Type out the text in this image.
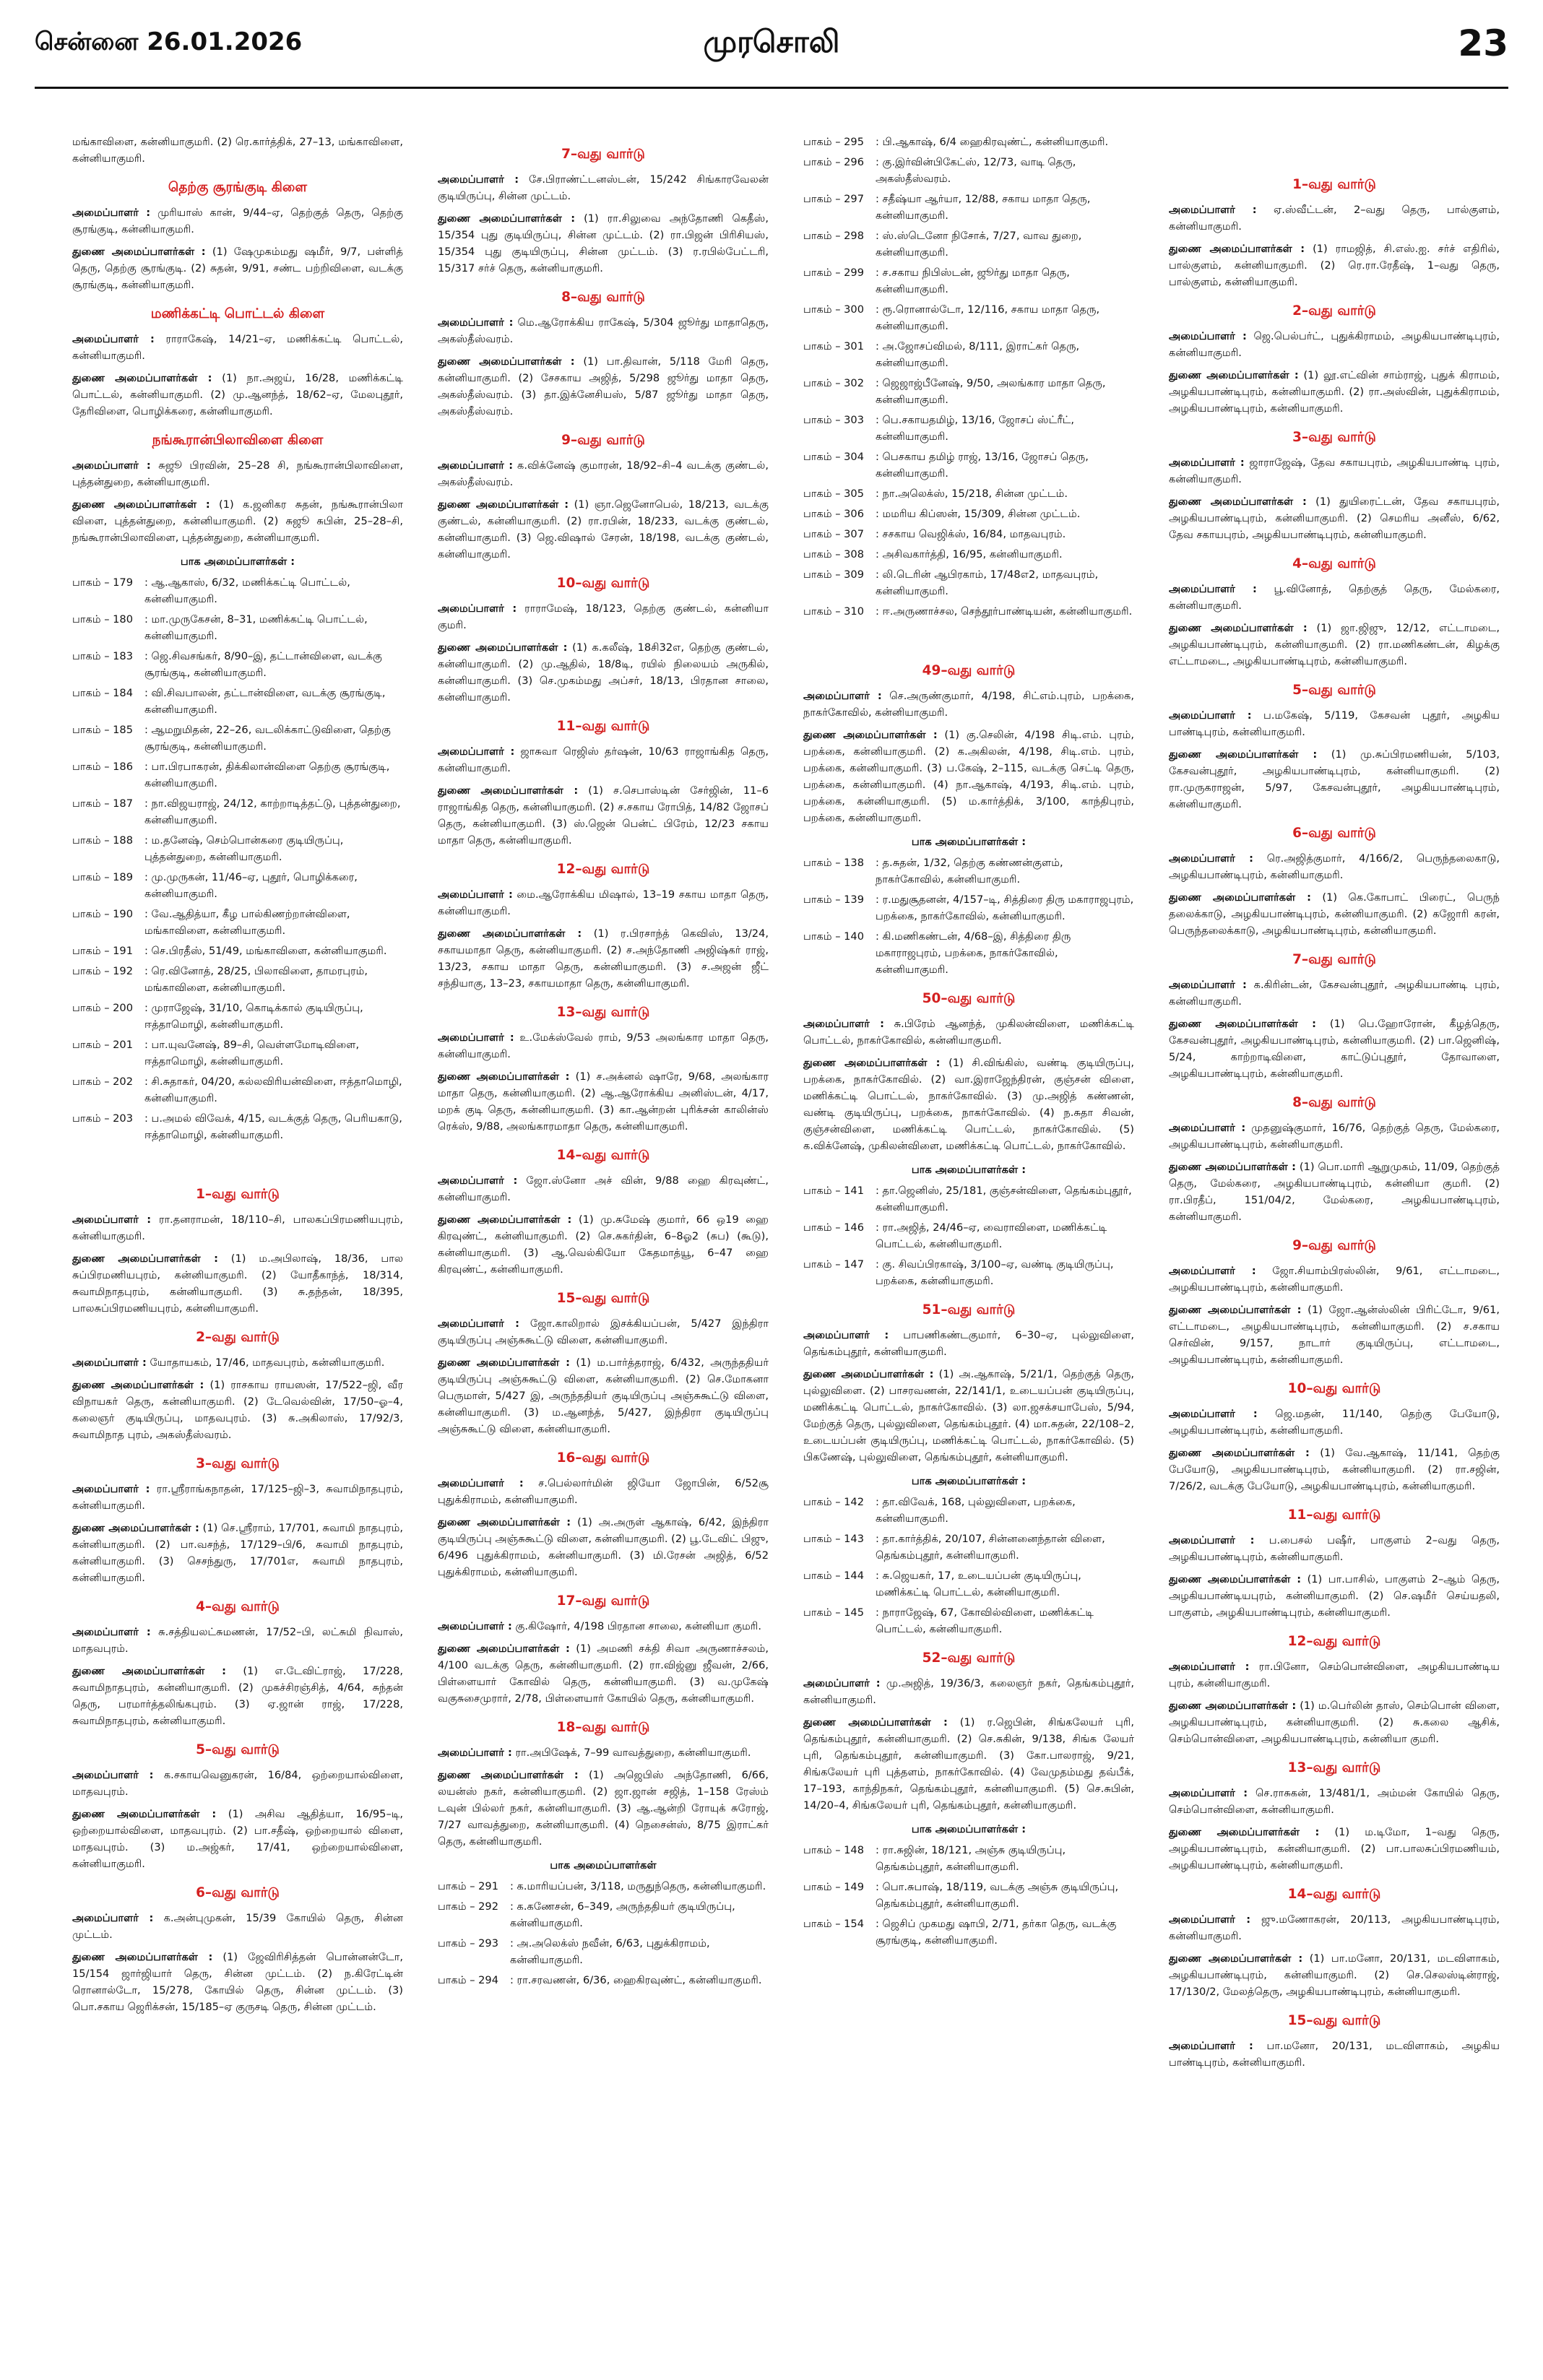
சென்னை 26.01.2026	முரசொலி	23
மங்காவிளை, கன்னியாகுமரி. (2) ரெ.கார்த்திக், 27–13, மங்காவிளை, கன்னியாகுமரி.
தெற்கு சூரங்குடி கிளை
அமைப்பாளர் : முரியாஸ் கான், 9/44–ஏ, தெற்குத் தெரு, தெற்கு சூரங்குடி, கன்னியாகுமரி.
துணை அமைப்பாளர்கள் : (1) ஷேமுகம்மது ஷமீர், 9/7, பள்ளித் தெரு, தெற்கு சூரங்குடி. (2) சுதன், 9/91, சண்ட பற்றிவிளை, வடக்கு சூரங்குடி, கன்னியாகுமரி.
மணிக்கட்டி பொட்டல் கிளை
அமைப்பாளர் : ராராகேஷ், 14/21–ஏ, மணிக்கட்டி பொட்டல், கன்னியாகுமரி.
துணை அமைப்பாளர்கள் : (1) நா.அஜய், 16/28, மணிக்கட்டி பொட்டல், கன்னியாகுமரி. (2) மு.ஆனந்த், 18/62–ஏ, மேலபுதூர், தேரிவிளை, பொழிக்கரை, கன்னியாகுமரி.
நங்கூரான்பிலாவிளை கிளை
அமைப்பாளர் : சுஜூ பிரவின், 25–28 சி, நங்கூரான்பிலாவிளை, புத்தன்துறை, கன்னியாகுமரி.
துணை அமைப்பாளர்கள் : (1) க.ஜனிகர சுதன், நங்கூரான்பிலா விளை, புத்தன்துறை, கன்னியாகுமரி. (2) சுஜூ சுபின், 25–28–சி, நங்கூரான்பிலாவிளை, புத்தன்துறை, கன்னியாகுமரி.
பாக அமைப்பாளர்கள் :
பாகம் – 179	: ஆ.ஆகாஸ், 6/32, மணிக்கட்டி பொட்டல், கன்னியாகுமரி.
பாகம் – 180	: மா.முருகேசன், 8–31, மணிக்கட்டி பொட்டல், கன்னியாகுமரி.
பாகம் – 183	: ஜெ.சிவசங்கர், 8/90–இ, தட்டான்விளை, வடக்கு சூரங்குடி, கன்னியாகுமரி.
பாகம் – 184	: வி.சிவபாலன், தட்டான்விளை, வடக்கு சூரங்குடி, கன்னியாகுமரி.
பாகம் – 185	: ஆமறுமிதன், 22–26, வடலிக்காட்டுவிளை, தெற்கு சூரங்குடி, கன்னியாகுமரி.
பாகம் – 186	: பா.பிரபாகரன், திக்கிலான்விளை தெற்கு சூரங்குடி, கன்னியாகுமரி.
பாகம் – 187	: நா.விஜயராஜ், 24/12, காற்றாடித்தட்டு, புத்தன்துறை, கன்னியாகுமரி.
பாகம் – 188	: ம.தனேஷ், செம்பொன்கரை குடியிருப்பு, புத்தன்துறை, கன்னியாகுமரி.
பாகம் – 189	: மு.முருகன், 11/46–ஏ, புதூர், பொழிக்கரை, கன்னியாகுமரி.
பாகம் – 190	: வே.ஆதித்யா, கீழ பால்கிணற்றான்விளை, மங்காவிளை, கன்னியாகுமரி.
பாகம் – 191	: செ.பிரதீஸ், 51/49, மங்காவிளை, கன்னியாகுமரி.
பாகம் – 192	: ரெ.வினோத், 28/25, பிலாவிளை, தாமரபுரம், மங்காவிளை, கன்னியாகுமரி.
பாகம் – 200	: முராஜேஷ், 31/10, கொடிக்கால் குடியிருப்பு, ஈத்தாமொழி, கன்னியாகுமரி.
பாகம் – 201	: பா.யுவனேஷ், 89–சி, வெள்ளமோடிவிளை, ஈத்தாமொழி, கன்னியாகுமரி.
பாகம் – 202	: சி.சுதாகர், 04/20, கல்லவிரியன்விளை, ஈத்தாமொழி, கன்னியாகுமரி.
பாகம் – 203	: ப.அமல் விவேக், 4/15, வடக்குத் தெரு, பெரியகாடு, ஈத்தாமொழி, கன்னியாகுமரி.
1–வது வார்டு
அமைப்பாளர் : ரா.தனராமன், 18/110–சி, பாலகப்பிரமணியபுரம், கன்னியாகுமரி.
துணை அமைப்பாளர்கள் : (1) ம.அபிலாஷ், 18/36, பால சுப்பிரமணியபுரம், கன்னியாகுமரி. (2) யோதீகாந்த், 18/314, சுவாமிநாதபுரம், கன்னியாகுமரி. (3) சு.தந்தன், 18/395, பாலசுப்பிரமணியபுரம், கன்னியாகுமரி.
2–வது வார்டு
அமைப்பாளர் : யோதாயகம், 17/46, மாதவபுரம், கன்னியாகுமரி.
துணை அமைப்பாளர்கள் : (1) ராசகாய ராயஸன், 17/522–ஜி, வீர விநாயகர் தெரு, கன்னியாகுமரி. (2) டேவெல்வின், 17/50–ஓ–4, கலைஞர் குடியிருப்பு, மாதவபுரம். (3) சு.அகிலாஸ், 17/92/3, சுவாமிநாத புரம், அகஸ்தீஸ்வரம்.
3–வது வார்டு
அமைப்பாளர் : ரா.ஸ்ரீராங்கநாதன், 17/125–ஜி–3, சுவாமிநாதபுரம், கன்னியாகுமரி.
துணை அமைப்பாளர்கள் : (1) செ.ஸ்ரீராம், 17/701, சுவாமி நாதபுரம், கன்னியாகுமரி. (2) பா.வசந்த், 17/129–பி/6, சுவாமி நாதபுரம், கன்னியாகுமரி. (3) செசந்துரு, 17/701எ, சுவாமி நாதபுரம், கன்னியாகுமரி.
4–வது வார்டு
அமைப்பாளர் : சு.சத்தியலட்சுமணன், 17/52–பி, லட்சுமி நிவாஸ், மாதவபுரம்.
துணை அமைப்பாளர்கள் : (1) எ.டேவிட்ராஜ், 17/228, சுவாமிநாதபுரம், கன்னியாகுமரி. (2) முகச்சிரஞ்சித், 4/64, சுந்தன் தெரு, பரமார்த்தலிங்கபுரம். (3) ஏ.ஜான் ராஜ், 17/228, சுவாமிநாதபுரம், கன்னியாகுமரி.
5–வது வார்டு
அமைப்பாளர் : க.சகாயவெனுகரன், 16/84, ஒற்றையால்விளை, மாதவபுரம்.
துணை அமைப்பாளர்கள் : (1) அசிவ ஆதித்யா, 16/95–டி, ஒற்றையால்விளை, மாதவபுரம். (2) பா.சதீஷ், ஒற்றையால் விளை, மாதவபுரம். (3) ம.அஜ்கர், 17/41, ஒற்றையால்விளை, கன்னியாகுமரி.
6–வது வார்டு
அமைப்பாளர் : க.அன்புமுகன், 15/39 கோயில் தெரு, சின்ன முட்டம்.
துணை அமைப்பாளர்கள் : (1) ஜேவிரிசித்தன் பொன்னன்டோ, 15/154 ஜார்ஜியார் தெரு, சின்ன முட்டம். (2) ந.கிரேட்டின் ரொனால்டோ, 15/278, கோயில் தெரு, சின்ன முட்டம். (3) பொ.சகாய ஜெரிக்சன், 15/185–ஏ குருசடி தெரு, சின்ன முட்டம்.
7–வது வார்டு
அமைப்பாளர் : சே.பிராண்ட்டனஸ்டன், 15/242 சிங்காரவேலன் குடியிருப்பு, சின்ன முட்டம்.
துணை அமைப்பாளர்கள் : (1) ரா.சிலுவை அந்தோணி கெதீஸ், 15/354 புது குடியிருப்பு, சின்ன முட்டம். (2) ரா.பிஜன் பிரிசியஸ், 15/354 புது குடியிருப்பு, சின்ன முட்டம். (3) ர.ரபில்பேட்டரி, 15/317 சர்ச் தெரு, கன்னியாகுமரி.
8–வது வார்டு
அமைப்பாளர் : மெ.ஆரோக்கிய ராகேஷ், 5/304 ஜூர்து மாதாதெரு, அகஸ்தீஸ்வரம்.
துணை அமைப்பாளர்கள் : (1) பா.திவான், 5/118 மேரி தெரு, கன்னியாகுமரி. (2) சேசகாய அஜித், 5/298 ஜூர்து மாதா தெரு, அகஸ்தீஸ்வரம். (3) தா.இக்னேசியஸ், 5/87 ஜூர்து மாதா தெரு, அகஸ்தீஸ்வரம்.
9–வது வார்டு
அமைப்பாளர் : க.விக்னேஷ் குமாரன், 18/92–சி–4 வடக்கு குண்டல், அகஸ்தீஸ்வரம்.
துணை அமைப்பாளர்கள் : (1) ஞா.ஜெனோபெல், 18/213, வடக்கு குண்டல், கன்னியாகுமரி. (2) ரா.ரபின், 18/233, வடக்கு குண்டல், கன்னியாகுமரி. (3) ஜெ.விஷால் சேரன், 18/198, வடக்கு குண்டல், கன்னியாகுமரி.
10–வது வார்டு
அமைப்பாளர் : ராராமேஷ், 18/123, தெற்கு குண்டல், கன்னியா குமரி.
துணை அமைப்பாளர்கள் : (1) க.கலீஷ், 18சி32எ, தெற்கு குண்டல், கன்னியாகுமரி. (2) மு.ஆதில், 18/8டி, ரயில் நிலையம் அருகில், கன்னியாகுமரி. (3) செ.முகம்மது அப்சர், 18/13, பிரதான சாலை, கன்னியாகுமரி.
11–வது வார்டு
அமைப்பாளர் : ஜாசுவா ரெஜிஸ் தர்ஷன், 10/63 ராஜாங்கித தெரு, கன்னியாகுமரி.
துணை அமைப்பாளர்கள் : (1) ச.செபாஸ்டின் சேர்ஜின், 11–6 ராஜாங்கித தெரு, கன்னியாகுமரி. (2) ச.சகாய ரோபித், 14/82 ஜோசப் தெரு, கன்னியாகுமரி. (3) ஸ்.ஜென் பென்ட் பிரேம், 12/23 சகாய மாதா தெரு, கன்னியாகுமரி.
12–வது வார்டு
அமைப்பாளர் : மை.ஆரோக்கிய மிஷால், 13–19 சகாய மாதா தெரு, கன்னியாகுமரி.
துணை அமைப்பாளர்கள் : (1) ர.பிரசாந்த் கெவிஸ், 13/24, சகாயமாதா தெரு, கன்னியாகுமரி. (2) ச.அந்தோணி அஜிஷ்கர் ராஜ், 13/23, சகாய மாதா தெரு, கன்னியாகுமரி. (3) ச.அஜன் ஜீட் சந்தியாகு, 13–23, சகாயமாதா தெரு, கன்னியாகுமரி.
13–வது வார்டு
அமைப்பாளர் : உ.மேக்ஸ்வேல் ராம், 9/53 அலங்கார மாதா தெரு, கன்னியாகுமரி.
துணை அமைப்பாளர்கள் : (1) ச.அக்னல் ஷாரே, 9/68, அலங்கார மாதா தெரு, கன்னியாகுமரி. (2) ஆ.ஆரோக்கிய அனிஸ்டன், 4/17, மறக் குடி தெரு, கன்னியாகுமரி. (3) கா.ஆன்றன் புரிக்சன் காலின்ஸ் ரெக்ஸ், 9/88, அலங்காரமாதா தெரு, கன்னியாகுமரி.
14–வது வார்டு
அமைப்பாளர் : ஜோ.ஸ்னோ அச் வின், 9/88 ஹை கிரவுண்ட், கன்னியாகுமரி.
துணை அமைப்பாளர்கள் : (1) மு.சுமேஷ் குமார், 66 ஒ19 ஹை கிரவுண்ட், கன்னியாகுமரி. (2) செ.சுகர்தின், 6–8ஓ2 (சுப) (கூடு), கன்னியாகுமரி. (3) ஆ.வெல்கியோ கேதமாத்யூ, 6–47 ஹை கிரவுண்ட், கன்னியாகுமரி.
15–வது வார்டு
அமைப்பாளர் : ஜோ.காலிறால் இசக்கியப்பன், 5/427 இந்திரா குடியிருப்பு அஞ்சுகூட்டு விளை, கன்னியாகுமரி.
துணை அமைப்பாளர்கள் : (1) ம.பார்த்தராஜ், 6/432, அருந்ததியர் குடியிருப்பு அஞ்சுகூட்டு விளை, கன்னியாகுமரி. (2) செ.மோகனா பெருமாள், 5/427 இ, அருந்ததியர் குடியிருப்பு அஞ்சுகூட்டு விளை, கன்னியாகுமரி. (3) ம.ஆனந்த், 5/427, இந்திரா குடியிருப்பு அஞ்சுகூட்டு விளை, கன்னியாகுமரி.
16–வது வார்டு
அமைப்பாளர் : ச.பெல்லார்மின் ஜியோ ஜோபின், 6/52சூ புதுக்கிராமம், கன்னியாகுமரி.
துணை அமைப்பாளர்கள் : (1) அ.அருள் ஆகாஷ், 6/42, இந்திரா குடியிருப்பு அஞ்சுகூட்டு விளை, கன்னியாகுமரி. (2) பூ.டேவிட் பிஜு, 6/496 புதுக்கிராமம், கன்னியாகுமரி. (3) மி.ரேசன் அஜித், 6/52 புதுக்கிராமம், கன்னியாகுமரி.
17–வது வார்டு
அமைப்பாளர் : கு.கிஷோர், 4/198 பிரதான சாலை, கன்னியா குமரி.
துணை அமைப்பாளர்கள் : (1) அமணி சக்தி சிவா அருணாச்சலம், 4/100 வடக்கு தெரு, கன்னியாகுமரி. (2) ரா.விஜ்னு ஜீவன், 2/66, பிள்ளையார் கோவில் தெரு, கன்னியாகுமரி. (3) வ.முகேஷ் வகுசுசைமுரார், 2/78, பிள்ளையார் கோயில் தெரு, கன்னியாகுமரி.
18–வது வார்டு
அமைப்பாளர் : ரா.அபிஷேக், 7–99 வாவத்துறை, கன்னியாகுமரி.
துணை அமைப்பாளர்கள் : (1) அஜெபிஸ் அந்தோணி, 6/66, லயன்ஸ் நகர், கன்னியாகுமரி. (2) ஜா.ஜான் சஜித், 1–158 ரேஸ்ம் டவுன் பில்லர் நகர், கன்னியாகுமரி. (3) ஆ.ஆன்றி ரோயுக் சுரோஜ், 7/27 வாவத்துறை, கன்னியாகுமரி. (4) நெசைன்ஸ், 8/75 இராட்கர் தெரு, கன்னியாகுமரி.
பாக அமைப்பாளர்கள்
பாகம் – 291	: க.மாரியப்பன், 3/118, மருதுந்தெரு, கன்னியாகுமரி.
பாகம் – 292	: க.கணேசன், 6–349, அருந்ததியர் குடியிருப்பு, கன்னியாகுமரி.
பாகம் – 293	: அ.அலெக்ஸ் நவீன், 6/63, புதுக்கிராமம், கன்னியாகுமரி.
பாகம் – 294	: ரா.சரவணன், 6/36, ஹைகிரவுண்ட், கன்னியாகுமரி.
பாகம் – 295	: பி.ஆகாஷ், 6/4 ஹைகிரவுண்ட், கன்னியாகுமரி.
பாகம் – 296	: கு.இர்வின்பிகேட்ஸ், 12/73, வாடி தெரு, அகஸ்தீஸ்வரம்.
பாகம் – 297	: சதீஷ்யா ஆர்யா, 12/88, சகாய மாதா தெரு, கன்னியாகுமரி.
பாகம் – 298	: ஸ்.ஸ்டெனோ நிசோக், 7/27, வாவ துறை, கன்னியாகுமரி.
பாகம் – 299	: ச.சகாய நிபிஸ்டன், ஜூர்து மாதா தெரு, கன்னியாகுமரி.
பாகம் – 300	: ரூ.ரொனால்டோ, 12/116, சகாய மாதா தெரு, கன்னியாகுமரி.
பாகம் – 301	: அ.ஜோசப்விமல், 8/111, இராட்கர் தெரு, கன்னியாகுமரி.
பாகம் – 302	: ஜெஜாஜ்பீனேஷ், 9/50, அலங்கார மாதா தெரு, கன்னியாகுமரி.
பாகம் – 303	: பெ.சகாயதமிழ், 13/16, ஜோசப் ஸ்ட்ரீட், கன்னியாகுமரி.
பாகம் – 304	: பெசகாய தமிழ் ராஜ், 13/16, ஜோசப் தெரு, கன்னியாகுமரி.
பாகம் – 305	: நா.அலெக்ஸ், 15/218, சின்ன முட்டம்.
பாகம் – 306	: மமரிய கிப்ஸன், 15/309, சின்ன முட்டம்.
பாகம் – 307	: சசகாய வெஜிக்ஸ், 16/84, மாதவபுரம்.
பாகம் – 308	: அசிவகார்த்தி, 16/95, கன்னியாகுமரி.
பாகம் – 309	: லி.டெரின் ஆபிரகாம், 17/48எ2, மாதவபுரம், கன்னியாகுமரி.
பாகம் – 310	: ஈ.அருணாச்சல, செந்தூர்பாண்டியன், கன்னியாகுமரி.
49–வது வார்டு
அமைப்பாளர் : செ.அருண்குமார், 4/198, சிட்எம்.புரம், பறக்கை, நாகர்கோவில், கன்னியாகுமரி.
துணை அமைப்பாளர்கள் : (1) கு.செலின், 4/198 சிடி.எம். புரம், பறக்கை, கன்னியாகுமரி. (2) க.அகிலன், 4/198, சிடி.எம். புரம், பறக்கை, கன்னியாகுமரி. (3) ப.கேஷ், 2–115, வடக்கு செட்டி தெரு, பறக்கை, கன்னியாகுமரி. (4) நா.ஆகாஷ், 4/193, சிடி.எம். புரம், பறக்கை, கன்னியாகுமரி. (5) ம.கார்த்திக், 3/100, காந்திபுரம், பறக்கை, கன்னியாகுமரி.
பாக அமைப்பாளர்கள் :
பாகம் – 138	: த.சுதன், 1/32, தெற்கு கண்ணன்குளம், நாகர்கோவில், கன்னியாகுமரி.
பாகம் – 139	: ர.மதுசூதனன், 4/157–டி, சித்திரை திரு மகாராஜபுரம், பறக்கை, நாகர்கோவில், கன்னியாகுமரி.
பாகம் – 140	: கி.மணிகண்டன், 4/68–இ, சித்திரை திரு மகாராஜபுரம், பறக்கை, நாகர்கோவில், கன்னியாகுமரி.
50–வது வார்டு
அமைப்பாளர் : சு.பிரேம் ஆனந்த், முகிலன்விளை, மணிக்கட்டி பொட்டல், நாகர்கோவில், கன்னியாகுமரி.
துணை அமைப்பாளர்கள் : (1) சி.விங்கிஸ், வண்டி குடியிருப்பு, பறக்கை, நாகர்கோவில். (2) வா.இராஜேந்திரன், குஞ்சன் விளை, மணிக்கட்டி பொட்டல், நாகர்கோவில். (3) மு.அஜித் கண்ணன், வண்டி குடியிருப்பு, பறக்கை, நாகர்கோவில். (4) ந.சுதா சிவன், குஞ்சன்விளை, மணிக்கட்டி பொட்டல், நாகர்கோவில். (5) க.விக்னேஷ், முகிலன்விளை, மணிக்கட்டி பொட்டல், நாகர்கோவில்.
பாக அமைப்பாளர்கள் :
பாகம் – 141	: தா.ஜெனிஸ், 25/181, குஞ்சன்விளை, தெங்கம்புதூர், கன்னியாகுமரி.
பாகம் – 146	: ரா.அஜித், 24/46–ஏ, வைராவிளை, மணிக்கட்டி பொட்டல், கன்னியாகுமரி.
பாகம் – 147	: கு. சிவப்பிரகாஷ், 3/100–ஏ, வண்டி குடியிருப்பு, பறக்கை, கன்னியாகுமரி.
51–வது வார்டு
அமைப்பாளர் : பாபணிகண்டகுமார், 6–30–ஏ, புல்லுவிளை, தெங்கம்புதூர், கன்னியாகுமரி.
துணை அமைப்பாளர்கள் : (1) அ.ஆகாஷ், 5/21/1, தெற்குத் தெரு, புல்லுவிளை. (2) பாசரவணன், 22/141/1, உடையப்பன் குடியிருப்பு, மணிக்கட்டி பொட்டல், நாகர்கோவில். (3) லா.ஜசக்சயாபேஸ், 5/94, மேற்குத் தெரு, புல்லுவிளை, தெங்கம்புதூர். (4) மா.சுதன், 22/108–2, உடையப்பன் குடியிருப்பு, மணிக்கட்டி பொட்டல், நாகர்கோவில். (5) பிகணேஷ், புல்லுவிளை, தெங்கம்புதூர், கன்னியாகுமரி.
பாக அமைப்பாளர்கள் :
பாகம் – 142	: தா.விவேக், 168, புல்லுவிளை, பறக்கை, கன்னியாகுமரி.
பாகம் – 143	: தா.கார்த்திக், 20/107, சின்னனைந்தான் விளை, தெங்கம்புதூர், கன்னியாகுமரி.
பாகம் – 144	: சு.ஜெயகர், 17, உடையப்பன் குடியிருப்பு, மணிக்கட்டி பொட்டல், கன்னியாகுமரி.
பாகம் – 145	: நாராஜேஷ், 67, கோவில்விளை, மணிக்கட்டி பொட்டல், கன்னியாகுமரி.
52–வது வார்டு
அமைப்பாளர் : மு.அஜித், 19/36/3, கலைஞர் நகர், தெங்கம்புதூர், கன்னியாகுமரி.
துணை அமைப்பாளர்கள் : (1) ர.ஜெபின், சிங்கலேயர் புரி, தெங்கம்புதூர், கன்னியாகுமரி. (2) செ.சுகின், 9/138, சிங்க லேயர் புரி, தெங்கம்புதூர், கன்னியாகுமரி. (3) கோ.பாலராஜ், 9/21, சிங்கலேயர் புரி புத்தளம், நாகர்கோவில். (4) வேமுதம்மது தவ்பீக், 17–193, காந்திநகர், தெங்கம்புதூர், கன்னியாகுமரி. (5) செ.சுபின், 14/20–4, சிங்கலேயர் புரி, தெங்கம்புதூர், கன்னியாகுமரி.
பாக அமைப்பாளர்கள் :
பாகம் – 148	: ரா.சுஜின், 18/121, அஞ்சு குடியிருப்பு, தெங்கம்புதூர், கன்னியாகுமரி.
பாகம் – 149	: பொ.சுபாஷ், 18/119, வடக்கு அஞ்சு குடியிருப்பு, தெங்கம்புதூர், கன்னியாகுமரி.
பாகம் – 154	: ஜெசிப் முகமது ஷாபி, 2/71, தர்கா தெரு, வடக்கு சூரங்குடி, கன்னியாகுமரி.
1–வது வார்டு
அமைப்பாளர் : ஏ.ஸ்வீட்டன், 2–வது தெரு, பால்குளம், கன்னியாகுமரி.
துணை அமைப்பாளர்கள் : (1) ராமஜித், சி.எஸ்.ஐ. சர்ச் எதிரில், பால்குளம், கன்னியாகுமரி. (2) ரெ.ரா.ரேதீஷ், 1–வது தெரு, பால்குளம், கன்னியாகுமரி.
2–வது வார்டு
அமைப்பாளர் : ஜெ.பெல்பர்ட், புதுக்கிராமம், அழகியபாண்டிபுரம், கன்னியாகுமரி.
துணை அமைப்பாளர்கள் : (1) லூ.எட்வின் சாம்ராஜ், புதுக் கிராமம், அழகியபாண்டிபுரம், கன்னியாகுமரி. (2) ரா.அஸ்வின், புதுக்கிராமம், அழகியபாண்டிபுரம், கன்னியாகுமரி.
3–வது வார்டு
அமைப்பாளர் : ஜாராஜேஷ், தேவ சகாயபுரம், அழகியபாண்டி புரம், கன்னியாகுமரி.
துணை அமைப்பாளர்கள் : (1) துயிரைட்டன், தேவ சகாயபுரம், அழகியபாண்டிபுரம், கன்னியாகுமரி. (2) செமரிய அனீஸ், 6/62, தேவ சகாயபுரம், அழகியபாண்டிபுரம், கன்னியாகுமரி.
4–வது வார்டு
அமைப்பாளர் : பூ.வினோத், தெற்குத் தெரு, மேல்கரை, கன்னியாகுமரி.
துணை அமைப்பாளர்கள் : (1) ஜா.ஜிஜு, 12/12, எட்டாமடை, அழகியபாண்டிபுரம், கன்னியாகுமரி. (2) ரா.மணிகண்டன், கிழக்கு எட்டாமடை, அழகியபாண்டிபுரம், கன்னியாகுமரி.
5–வது வார்டு
அமைப்பாளர் : ப.மகேஷ், 5/119, கேசவன் புதூர், அழகிய பாண்டிபுரம், கன்னியாகுமரி.
துணை அமைப்பாளர்கள் : (1) மு.சுப்பிரமணியன், 5/103, கேசவன்புதூர், அழகியபாண்டிபுரம், கன்னியாகுமரி. (2) ரா.முருகராஜன், 5/97, கேசவன்புதூர், அழகியபாண்டிபுரம், கன்னியாகுமரி.
6–வது வார்டு
அமைப்பாளர் : ரெ.அஜித்குமார், 4/166/2, பெருந்தலைகாடு, அழகியபாண்டிபுரம், கன்னியாகுமரி.
துணை அமைப்பாளர்கள் : (1) கெ.கோபாட் பிரைட், பெருந் தலைக்காடு, அழகியபாண்டிபுரம், கன்னியாகுமரி. (2) கஜோரி கரன், பெருந்தலைக்காடு, அழகியபாண்டிபுரம், கன்னியாகுமரி.
7–வது வார்டு
அமைப்பாளர் : க.கிரின்டன், கேசவன்புதூர், அழகியபாண்டி புரம், கன்னியாகுமரி.
துணை அமைப்பாளர்கள் : (1) பெ.ஹோரோன், கீழத்தெரு, கேசவன்புதூர், அழகியபாண்டிபுரம், கன்னியாகுமரி. (2) பா.ஜெனிஷ், 5/24, காற்றாடிவிளை, காட்டுப்புதூர், தோவாளை, அழகியபாண்டிபுரம், கன்னியாகுமரி.
8–வது வார்டு
அமைப்பாளர் : முதனுஷ்குமார், 16/76, தெற்குத் தெரு, மேல்கரை, அழகியபாண்டிபுரம், கன்னியாகுமரி.
துணை அமைப்பாளர்கள் : (1) பொ.மாரி ஆறுமுகம், 11/09, தெற்குத் தெரு, மேல்கரை, அழகியபாண்டிபுரம், கன்னியா குமரி. (2) ரா.பிரதீப், 151/04/2, மேல்கரை, அழகியபாண்டிபுரம், கன்னியாகுமரி.
9–வது வார்டு
அமைப்பாளர் : ஜோ.சியாம்பிரஸ்லின், 9/61, எட்டாமடை, அழகியபாண்டிபுரம், கன்னியாகுமரி.
துணை அமைப்பாளர்கள் : (1) ஜோ.ஆன்ஸ்லின் பிரிட்டோ, 9/61, எட்டாமடை, அழகியபாண்டிபுரம், கன்னியாகுமரி. (2) ச.சகாய செர்வின், 9/157, நாடார் குடியிருப்பு, எட்டாமடை, அழகியபாண்டிபுரம், கன்னியாகுமரி.
10–வது வார்டு
அமைப்பாளர் : ஜெ.மதன், 11/140, தெற்கு பேயோடு, அழகியபாண்டிபுரம், கன்னியாகுமரி.
துணை அமைப்பாளர்கள் : (1) வே.ஆகாஷ், 11/141, தெற்கு பேயோடு, அழகியபாண்டிபுரம், கன்னியாகுமரி. (2) ரா.சஜின், 7/26/2, வடக்கு பேயோடு, அழகியபாண்டிபுரம், கன்னியாகுமரி.
11–வது வார்டு
அமைப்பாளர் : ப.பைசல் பஷீர், பாகுளம் 2–வது தெரு, அழகியபாண்டிபுரம், கன்னியாகுமரி.
துணை அமைப்பாளர்கள் : (1) பா.பாசில், பாகுளம் 2–ஆம் தெரு, அழகியபாண்டியபுரம், கன்னியாகுமரி. (2) செ.ஷமீர் செய்யதலி, பாகுளம், அழகியபாண்டிபுரம், கன்னியாகுமரி.
12–வது வார்டு
அமைப்பாளர் : ரா.பினோ, செம்பொன்விளை, அழகியபாண்டிய புரம், கன்னியாகுமரி.
துணை அமைப்பாளர்கள் : (1) ம.பெர்லின் தாஸ், செம்பொன் விளை, அழகியபாண்டிபுரம், கன்னியாகுமரி. (2) சு.கலை ஆசிக், செம்பொன்விளை, அழகியபாண்டிபுரம், கன்னியா குமரி.
13–வது வார்டு
அமைப்பாளர் : செ.ராசுகன், 13/481/1, அம்மன் கோயில் தெரு, செம்பொன்விளை, கன்னியாகுமரி.
துணை அமைப்பாளர்கள் : (1) ம.டிமோ, 1–வது தெரு, அழகியபாண்டிபுரம், கன்னியாகுமரி. (2) பா.பாலசுப்பிரமணியம், அழகியபாண்டிபுரம், கன்னியாகுமரி.
14–வது வார்டு
அமைப்பாளர் : ஜு.மணோகரன், 20/113, அழகியபாண்டிபுரம், கன்னியாகுமரி.
துணை அமைப்பாளர்கள் : (1) பா.மனோ, 20/131, மடவிளாகம், அழகியபாண்டிபுரம், கன்னியாகுமரி. (2) செ.செலஸ்டின்ராஜ், 17/130/2, மேலத்தெரு, அழகியபாண்டிபுரம், கன்னியாகுமரி.
15–வது வார்டு
அமைப்பாளர் : பா.மனோ, 20/131, மடவிளாகம், அழகிய பாண்டிபுரம், கன்னியாகுமரி.
